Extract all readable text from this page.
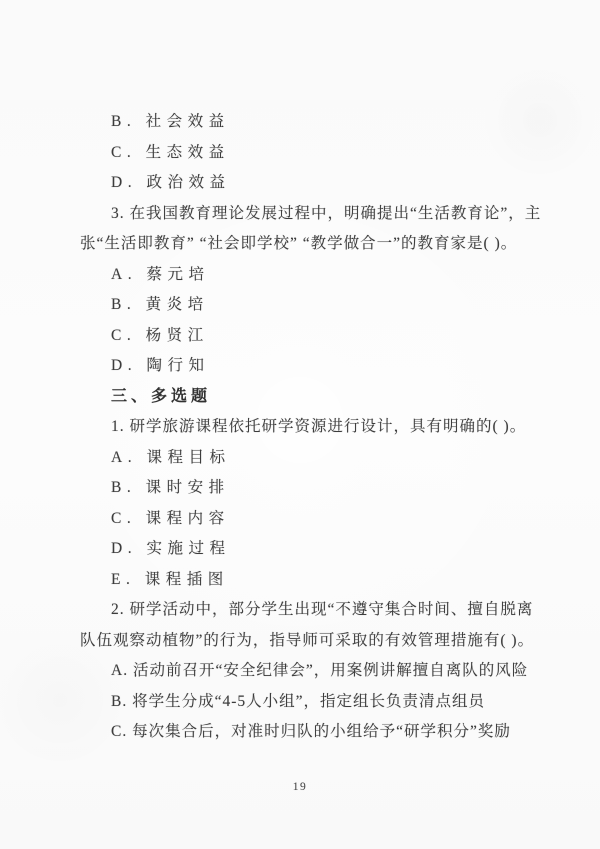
B. 社会效益
C. 生态效益
D. 政治效益
3. 在我国教育理论发展过程中，明确提出“生活教育论”，主
张“生活即教育” “社会即学校” “教学做合一”的教育家是( )。
A. 蔡元培
B. 黄炎培
C. 杨贤江
D. 陶行知
三、多选题
1. 研学旅游课程依托研学资源进行设计，具有明确的( )。
A. 课程目标
B. 课时安排
C. 课程内容
D. 实施过程
E. 课程插图
2. 研学活动中，部分学生出现“不遵守集合时间、擅自脱离
队伍观察动植物”的行为，指导师可采取的有效管理措施有( )。
A. 活动前召开“安全纪律会”，用案例讲解擅自离队的风险
B. 将学生分成“4-5人小组”，指定组长负责清点组员
C. 每次集合后，对准时归队的小组给予“研学积分”奖励
19
